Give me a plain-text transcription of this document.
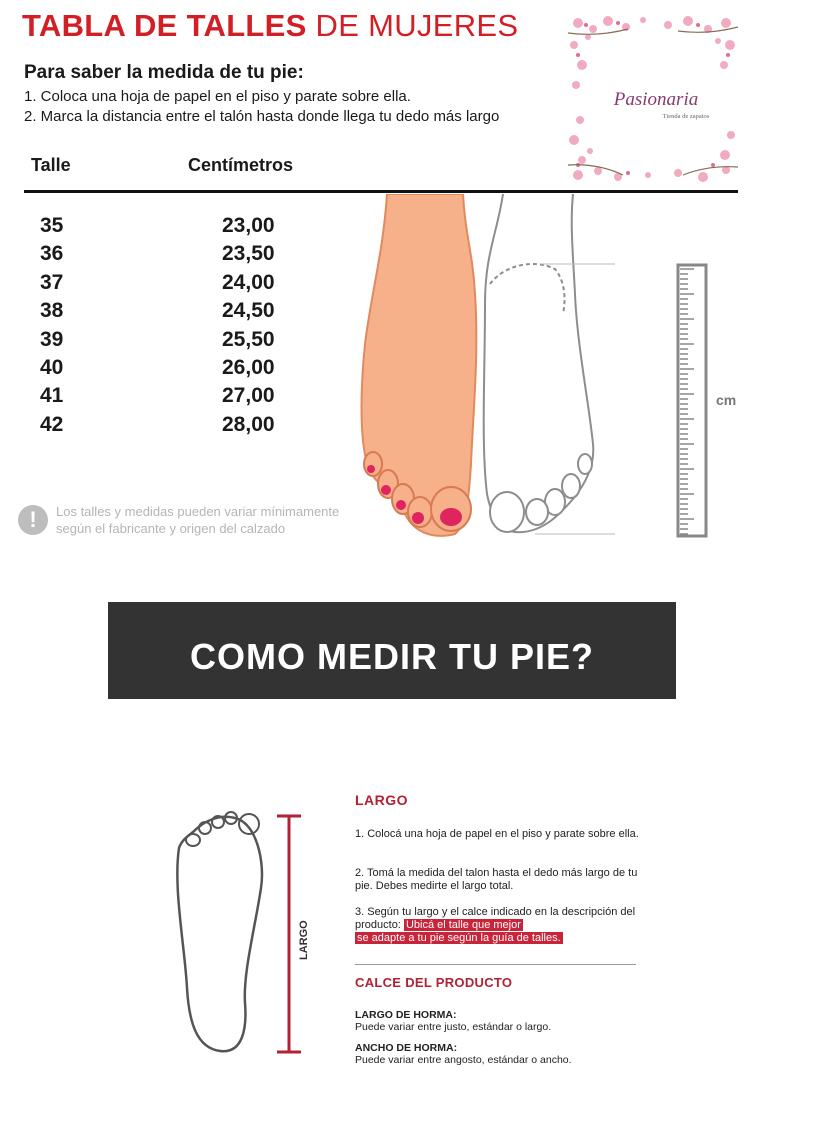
TABLA DE TALLES DE MUJERES
Para saber la medida de tu pie:
1. Coloca una hoja de papel en el piso y parate sobre ella.
2. Marca la distancia entre el talón hasta donde llega tu dedo más largo
Pasionaria
Tienda de zapatos
Talle	Centímetros
35
36
37
38
39
40
41
42
23,00
23,50
24,00
24,50
25,50
26,00
27,00
28,00
cm
!	Los talles y medidas pueden variar mínimamente
según el fabricante y origen del calzado
COMO MEDIR TU PIE?
LARGO
LARGO
1. Colocá una hoja de papel en el piso y parate sobre ella.
2. Tomá la medida del talon hasta el dedo más largo de tu pie. Debes medirte el largo total.
3. Según tu largo y el calce indicado en la descripción del producto: Ubicá el talle que mejor
se adapte a tu pie según la guía de talles.
CALCE DEL PRODUCTO
LARGO DE HORMA:
Puede variar entre justo, estándar o largo.
ANCHO DE HORMA:
Puede variar entre angosto, estándar o ancho.
